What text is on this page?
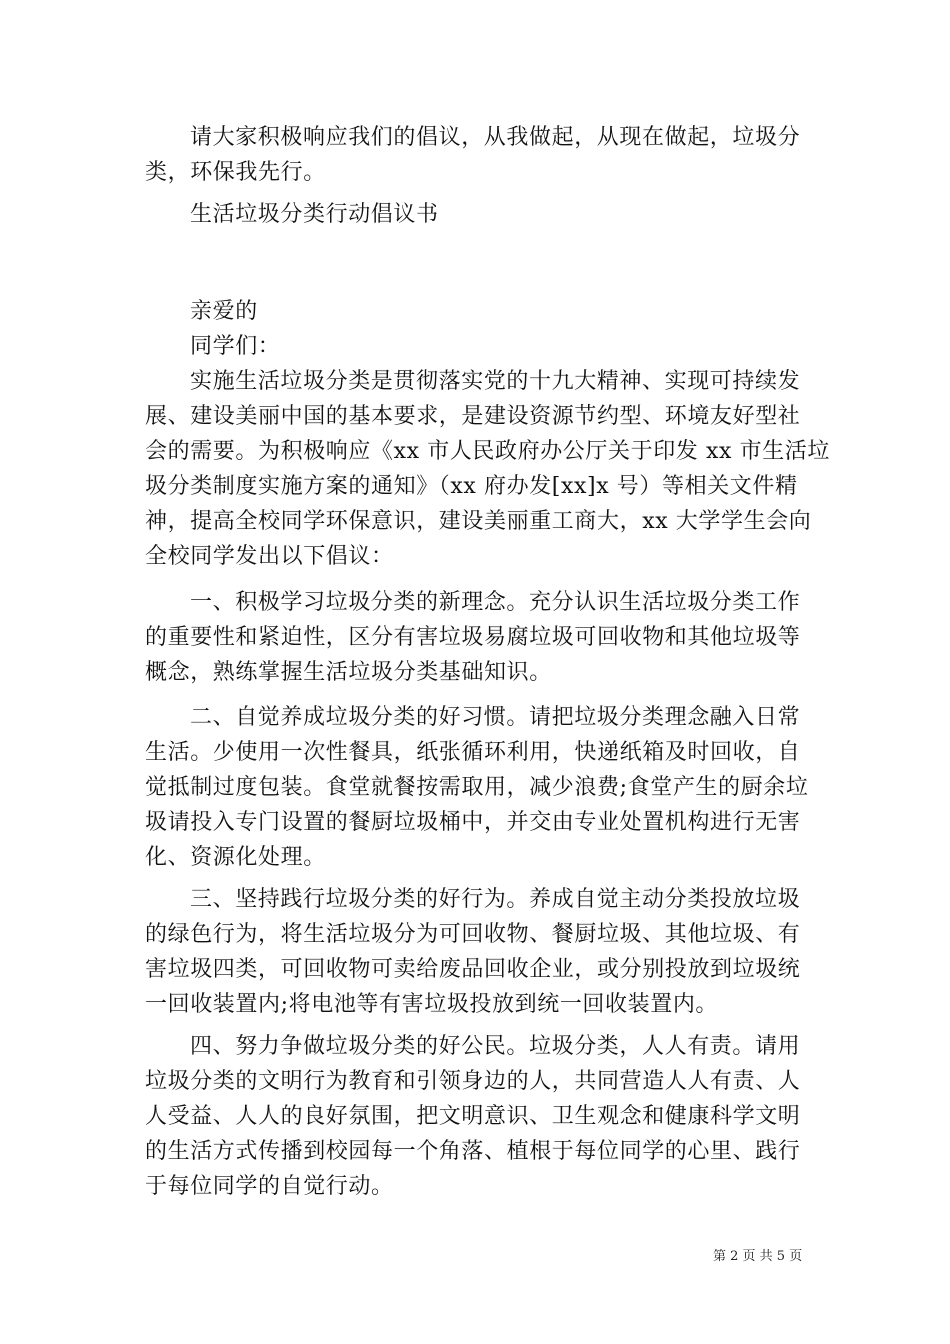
请大家积极响应我们的倡议，从我做起，从现在做起，垃圾分
类，环保我先行。
生活垃圾分类行动倡议书
亲爱的
同学们：
实施生活垃圾分类是贯彻落实党的十九大精神、实现可持续发
展、建设美丽中国的基本要求，是建设资源节约型、环境友好型社
会的需要。为积极响应《xx 市人民政府办公厅关于印发 xx 市生活垃
圾分类制度实施方案的通知》（xx 府办发[xx]x 号）等相关文件精
神，提高全校同学环保意识，建设美丽重工商大，xx 大学学生会向
全校同学发出以下倡议：
一、积极学习垃圾分类的新理念。充分认识生活垃圾分类工作
的重要性和紧迫性，区分有害垃圾易腐垃圾可回收物和其他垃圾等
概念，熟练掌握生活垃圾分类基础知识。
二、自觉养成垃圾分类的好习惯。请把垃圾分类理念融入日常
生活。少使用一次性餐具，纸张循环利用，快递纸箱及时回收，自
觉抵制过度包装。食堂就餐按需取用，减少浪费;食堂产生的厨余垃
圾请投入专门设置的餐厨垃圾桶中，并交由专业处置机构进行无害
化、资源化处理。
三、坚持践行垃圾分类的好行为。养成自觉主动分类投放垃圾
的绿色行为，将生活垃圾分为可回收物、餐厨垃圾、其他垃圾、有
害垃圾四类，可回收物可卖给废品回收企业，或分别投放到垃圾统
一回收装置内;将电池等有害垃圾投放到统一回收装置内。
四、努力争做垃圾分类的好公民。垃圾分类，人人有责。请用
垃圾分类的文明行为教育和引领身边的人，共同营造人人有责、人
人受益、人人的良好氛围，把文明意识、卫生观念和健康科学文明
的生活方式传播到校园每一个角落、植根于每位同学的心里、践行
于每位同学的自觉行动。
第 2 页 共 5 页
